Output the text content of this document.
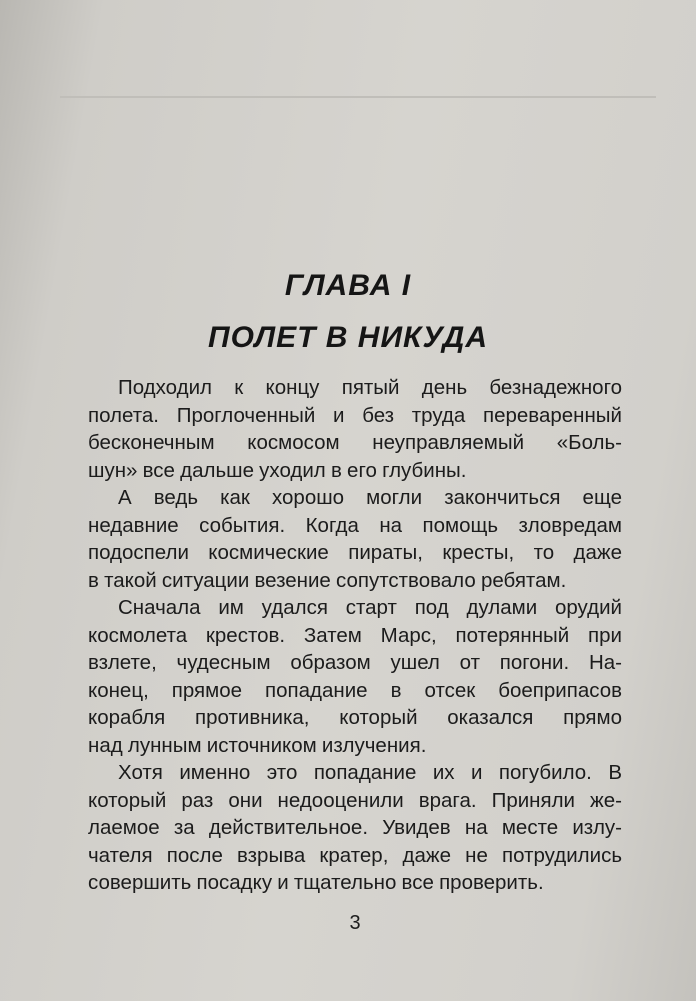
ГЛАВА I
ПОЛЕТ В НИКУДА
Подходил к концу пятый день безнадежного
полета. Проглоченный и без труда переваренный
бесконечным космосом неуправляемый «Боль-
шун» все дальше уходил в его глубины.
А ведь как хорошо могли закончиться еще
недавние события. Когда на помощь зловредам
подоспели космические пираты, кресты, то даже
в такой ситуации везение сопутствовало ребятам.
Сначала им удался старт под дулами орудий
космолета крестов. Затем Марс, потерянный при
взлете, чудесным образом ушел от погони. На-
конец, прямое попадание в отсек боеприпасов
корабля противника, который оказался прямо
над лунным источником излучения.
Хотя именно это попадание их и погубило. В
который раз они недооценили врага. Приняли же-
лаемое за действительное. Увидев на месте излу-
чателя после взрыва кратер, даже не потрудились
совершить посадку и тщательно все проверить.
3
